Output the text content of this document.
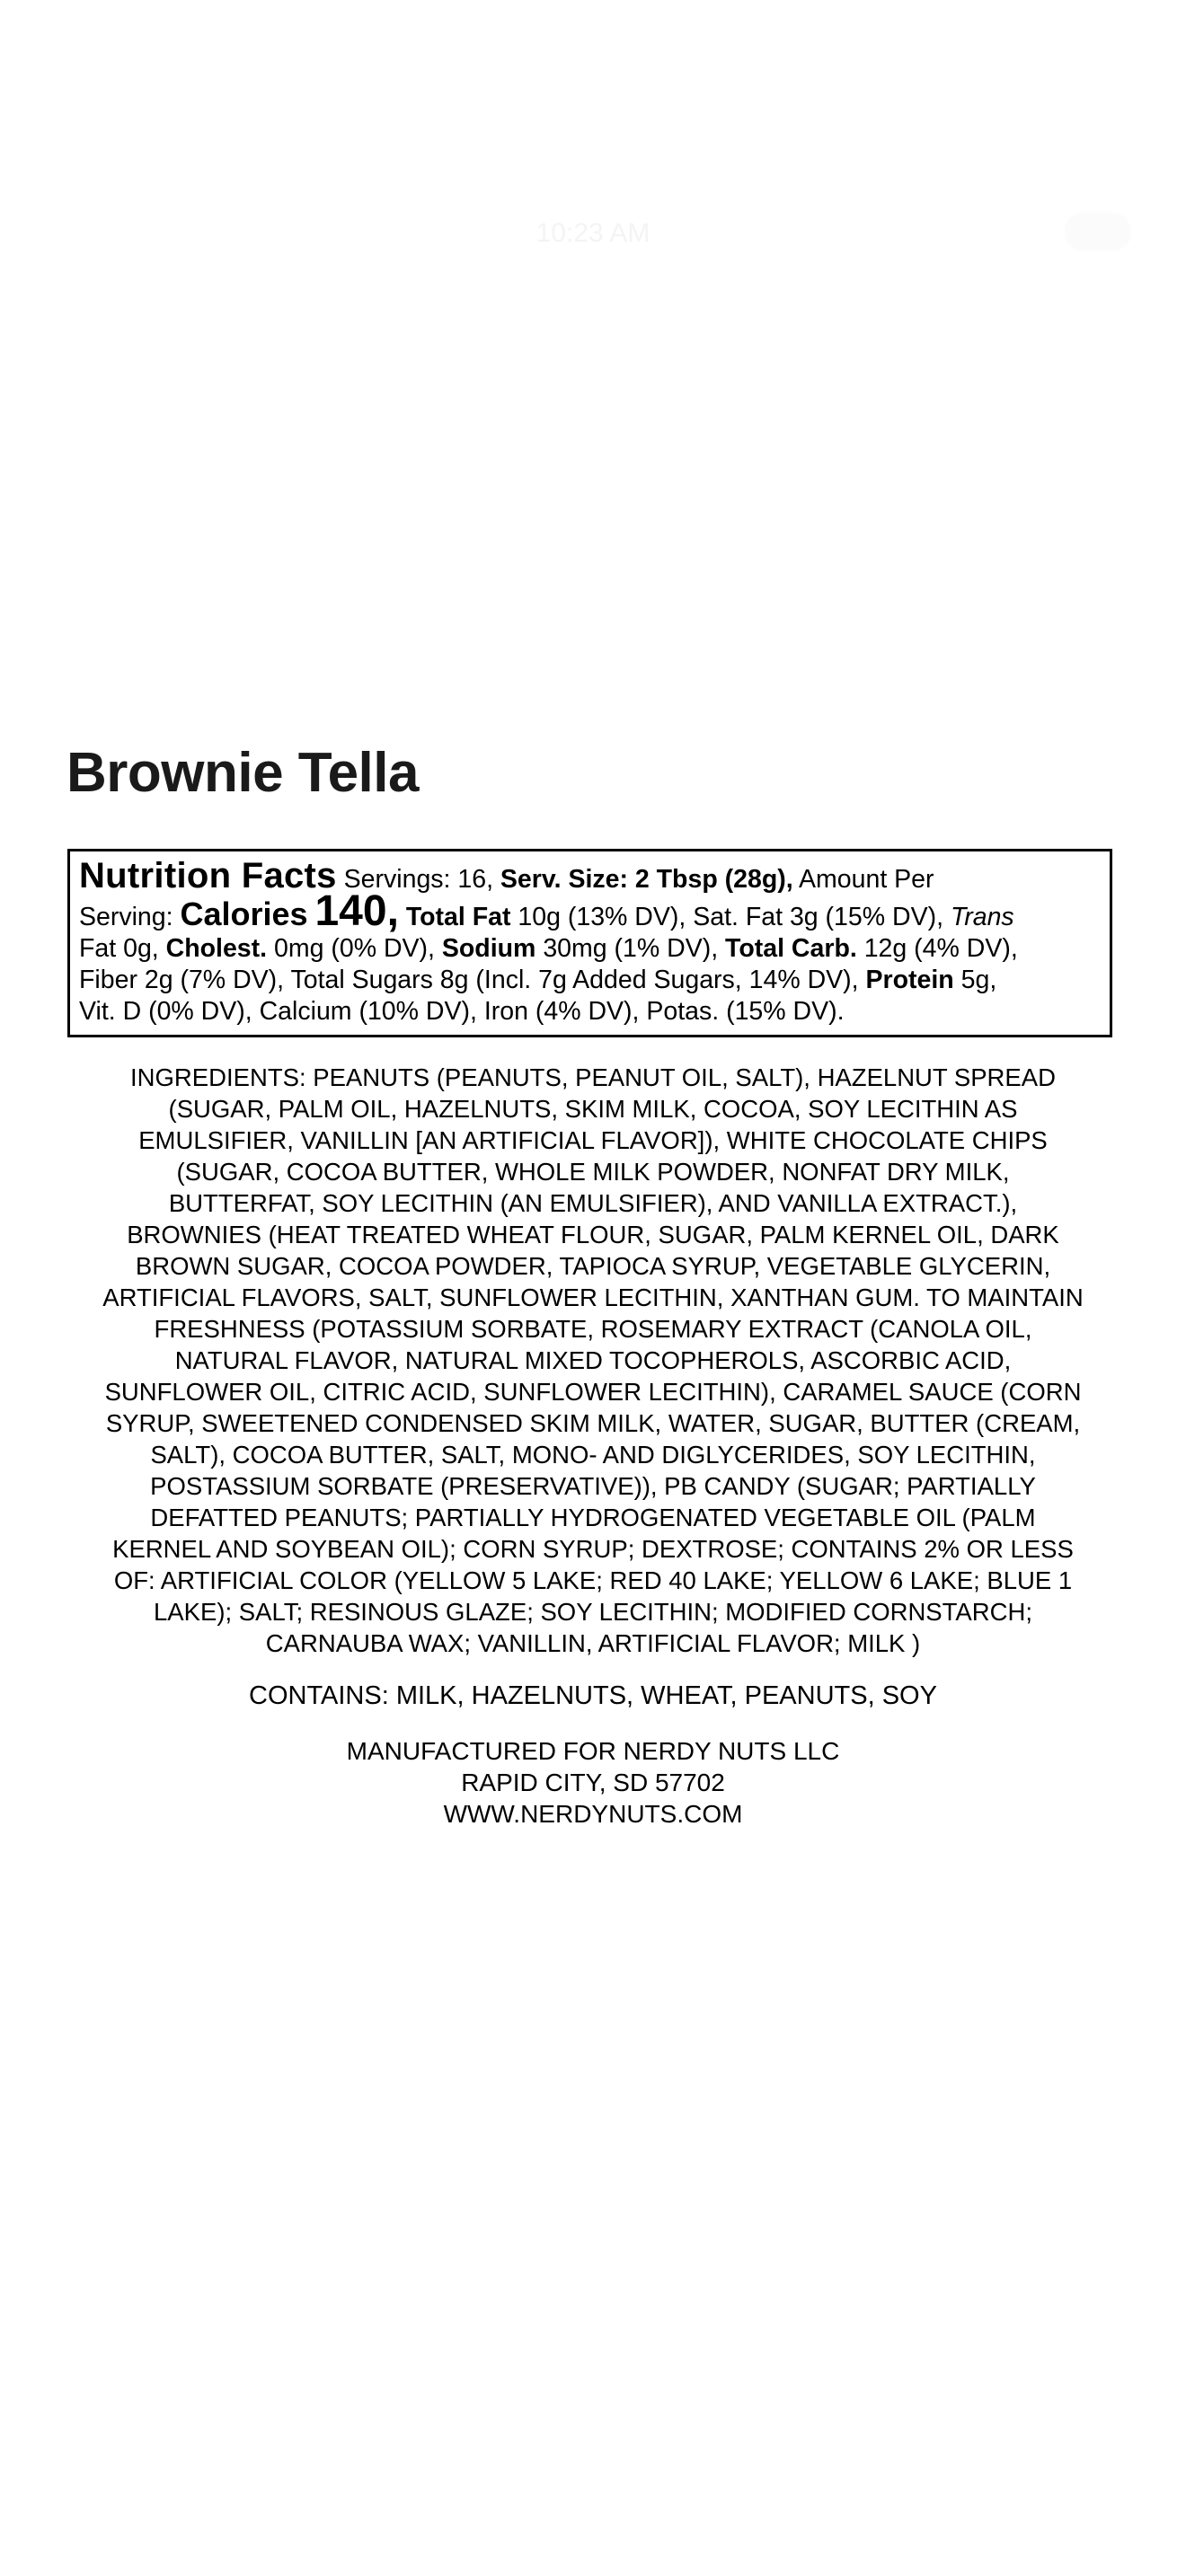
10:23 AM
Brownie Tella
Nutrition Facts Servings: 16, Serv. Size: 2 Tbsp (28g), Amount Per
Serving: Calories 140, Total Fat 10g (13% DV), Sat. Fat 3g (15% DV), Trans
Fat 0g, Cholest. 0mg (0% DV), Sodium 30mg (1% DV), Total Carb. 12g (4% DV),
Fiber 2g (7% DV), Total Sugars 8g (Incl. 7g Added Sugars, 14% DV), Protein 5g,
Vit. D (0% DV), Calcium (10% DV), Iron (4% DV), Potas. (15% DV).
INGREDIENTS: PEANUTS (PEANUTS, PEANUT OIL, SALT), HAZELNUT SPREAD
(SUGAR, PALM OIL, HAZELNUTS, SKIM MILK, COCOA, SOY LECITHIN AS
EMULSIFIER, VANILLIN [AN ARTIFICIAL FLAVOR]), WHITE CHOCOLATE CHIPS
(SUGAR, COCOA BUTTER, WHOLE MILK POWDER, NONFAT DRY MILK,
BUTTERFAT, SOY LECITHIN (AN EMULSIFIER), AND VANILLA EXTRACT.),
BROWNIES (HEAT TREATED WHEAT FLOUR, SUGAR, PALM KERNEL OIL, DARK
BROWN SUGAR, COCOA POWDER, TAPIOCA SYRUP, VEGETABLE GLYCERIN,
ARTIFICIAL FLAVORS, SALT, SUNFLOWER LECITHIN, XANTHAN GUM. TO MAINTAIN
FRESHNESS (POTASSIUM SORBATE, ROSEMARY EXTRACT (CANOLA OIL,
NATURAL FLAVOR, NATURAL MIXED TOCOPHEROLS, ASCORBIC ACID,
SUNFLOWER OIL, CITRIC ACID, SUNFLOWER LECITHIN), CARAMEL SAUCE (CORN
SYRUP, SWEETENED CONDENSED SKIM MILK, WATER, SUGAR, BUTTER (CREAM,
SALT), COCOA BUTTER, SALT, MONO- AND DIGLYCERIDES, SOY LECITHIN,
POSTASSIUM SORBATE (PRESERVATIVE)), PB CANDY (SUGAR; PARTIALLY
DEFATTED PEANUTS; PARTIALLY HYDROGENATED VEGETABLE OIL (PALM
KERNEL AND SOYBEAN OIL); CORN SYRUP; DEXTROSE; CONTAINS 2% OR LESS
OF: ARTIFICIAL COLOR (YELLOW 5 LAKE; RED 40 LAKE; YELLOW 6 LAKE; BLUE 1
LAKE); SALT; RESINOUS GLAZE; SOY LECITHIN; MODIFIED CORNSTARCH;
CARNAUBA WAX; VANILLIN, ARTIFICIAL FLAVOR; MILK )
CONTAINS: MILK, HAZELNUTS, WHEAT, PEANUTS, SOY
MANUFACTURED FOR NERDY NUTS LLC
RAPID CITY, SD 57702
WWW.NERDYNUTS.COM
